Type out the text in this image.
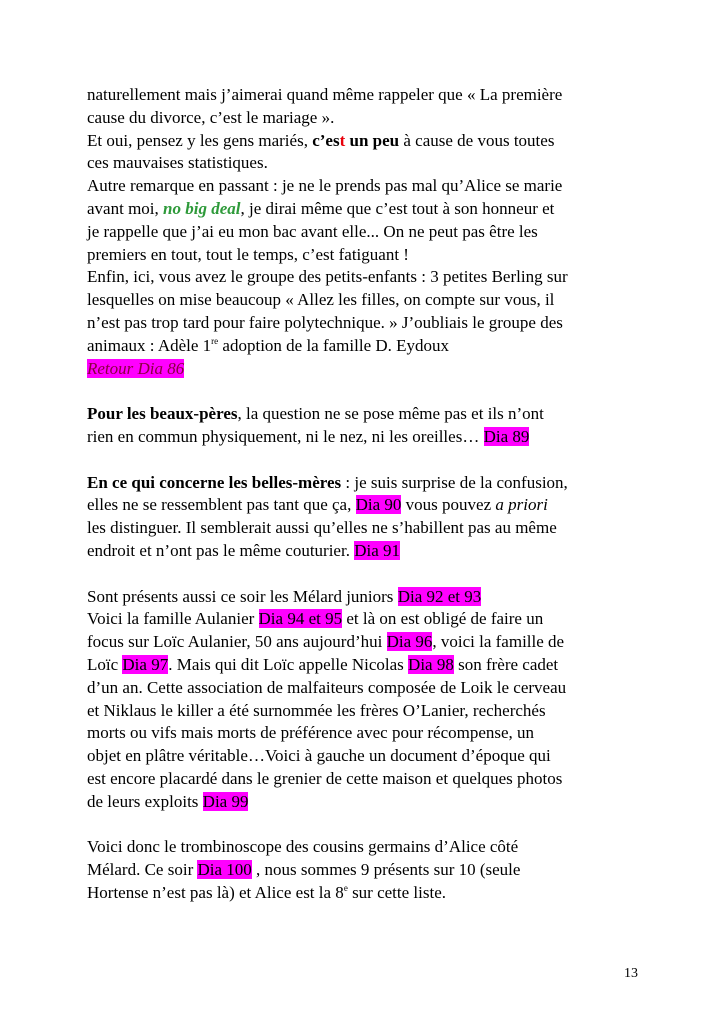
naturellement mais j’aimerai quand même rappeler que « La première
cause du divorce, c’est le mariage ».
Et oui, pensez y les gens mariés, c’est un peu à cause de vous toutes
ces mauvaises statistiques.
Autre remarque en passant : je ne le prends pas mal qu’Alice se marie
avant moi, no big deal, je dirai même que c’est tout à son honneur et
je rappelle que j’ai eu mon bac avant elle... On ne peut pas être les
premiers en tout, tout le temps, c’est fatiguant !
Enfin, ici, vous avez le groupe des petits-enfants : 3 petites Berling sur
lesquelles on mise beaucoup « Allez les filles, on compte sur vous, il
n’est pas trop tard pour faire polytechnique. » J’oubliais le groupe des
animaux : Adèle 1re adoption de la famille D. Eydoux
Retour Dia 86
Pour les beaux-pères, la question ne se pose même pas et ils n’ont
rien en commun physiquement, ni le nez, ni les oreilles… Dia 89
En ce qui concerne les belles-mères : je suis surprise de la confusion,
elles ne se ressemblent pas tant que ça, Dia 90 vous pouvez a priori
les distinguer. Il semblerait aussi qu’elles ne s’habillent pas au même
endroit et n’ont pas le même couturier. Dia 91
Sont présents aussi ce soir les Mélard juniors Dia 92 et 93
Voici la famille Aulanier Dia 94 et 95 et là on est obligé de faire un
focus sur Loïc Aulanier, 50 ans aujourd’hui Dia 96, voici la famille de
Loïc Dia 97. Mais qui dit Loïc appelle Nicolas Dia 98 son frère cadet
d’un an. Cette association de malfaiteurs composée de Loik le cerveau
et Niklaus le killer a été surnommée les frères O’Lanier, recherchés
morts ou vifs mais morts de préférence avec pour récompense, un
objet en plâtre véritable…Voici à gauche un document d’époque qui
est encore placardé dans le grenier de cette maison et quelques photos
de leurs exploits Dia 99
Voici donc le trombinoscope des cousins germains d’Alice côté
Mélard. Ce soir Dia 100 , nous sommes 9 présents sur 10 (seule
Hortense n’est pas là) et Alice est la 8e sur cette liste.
13
